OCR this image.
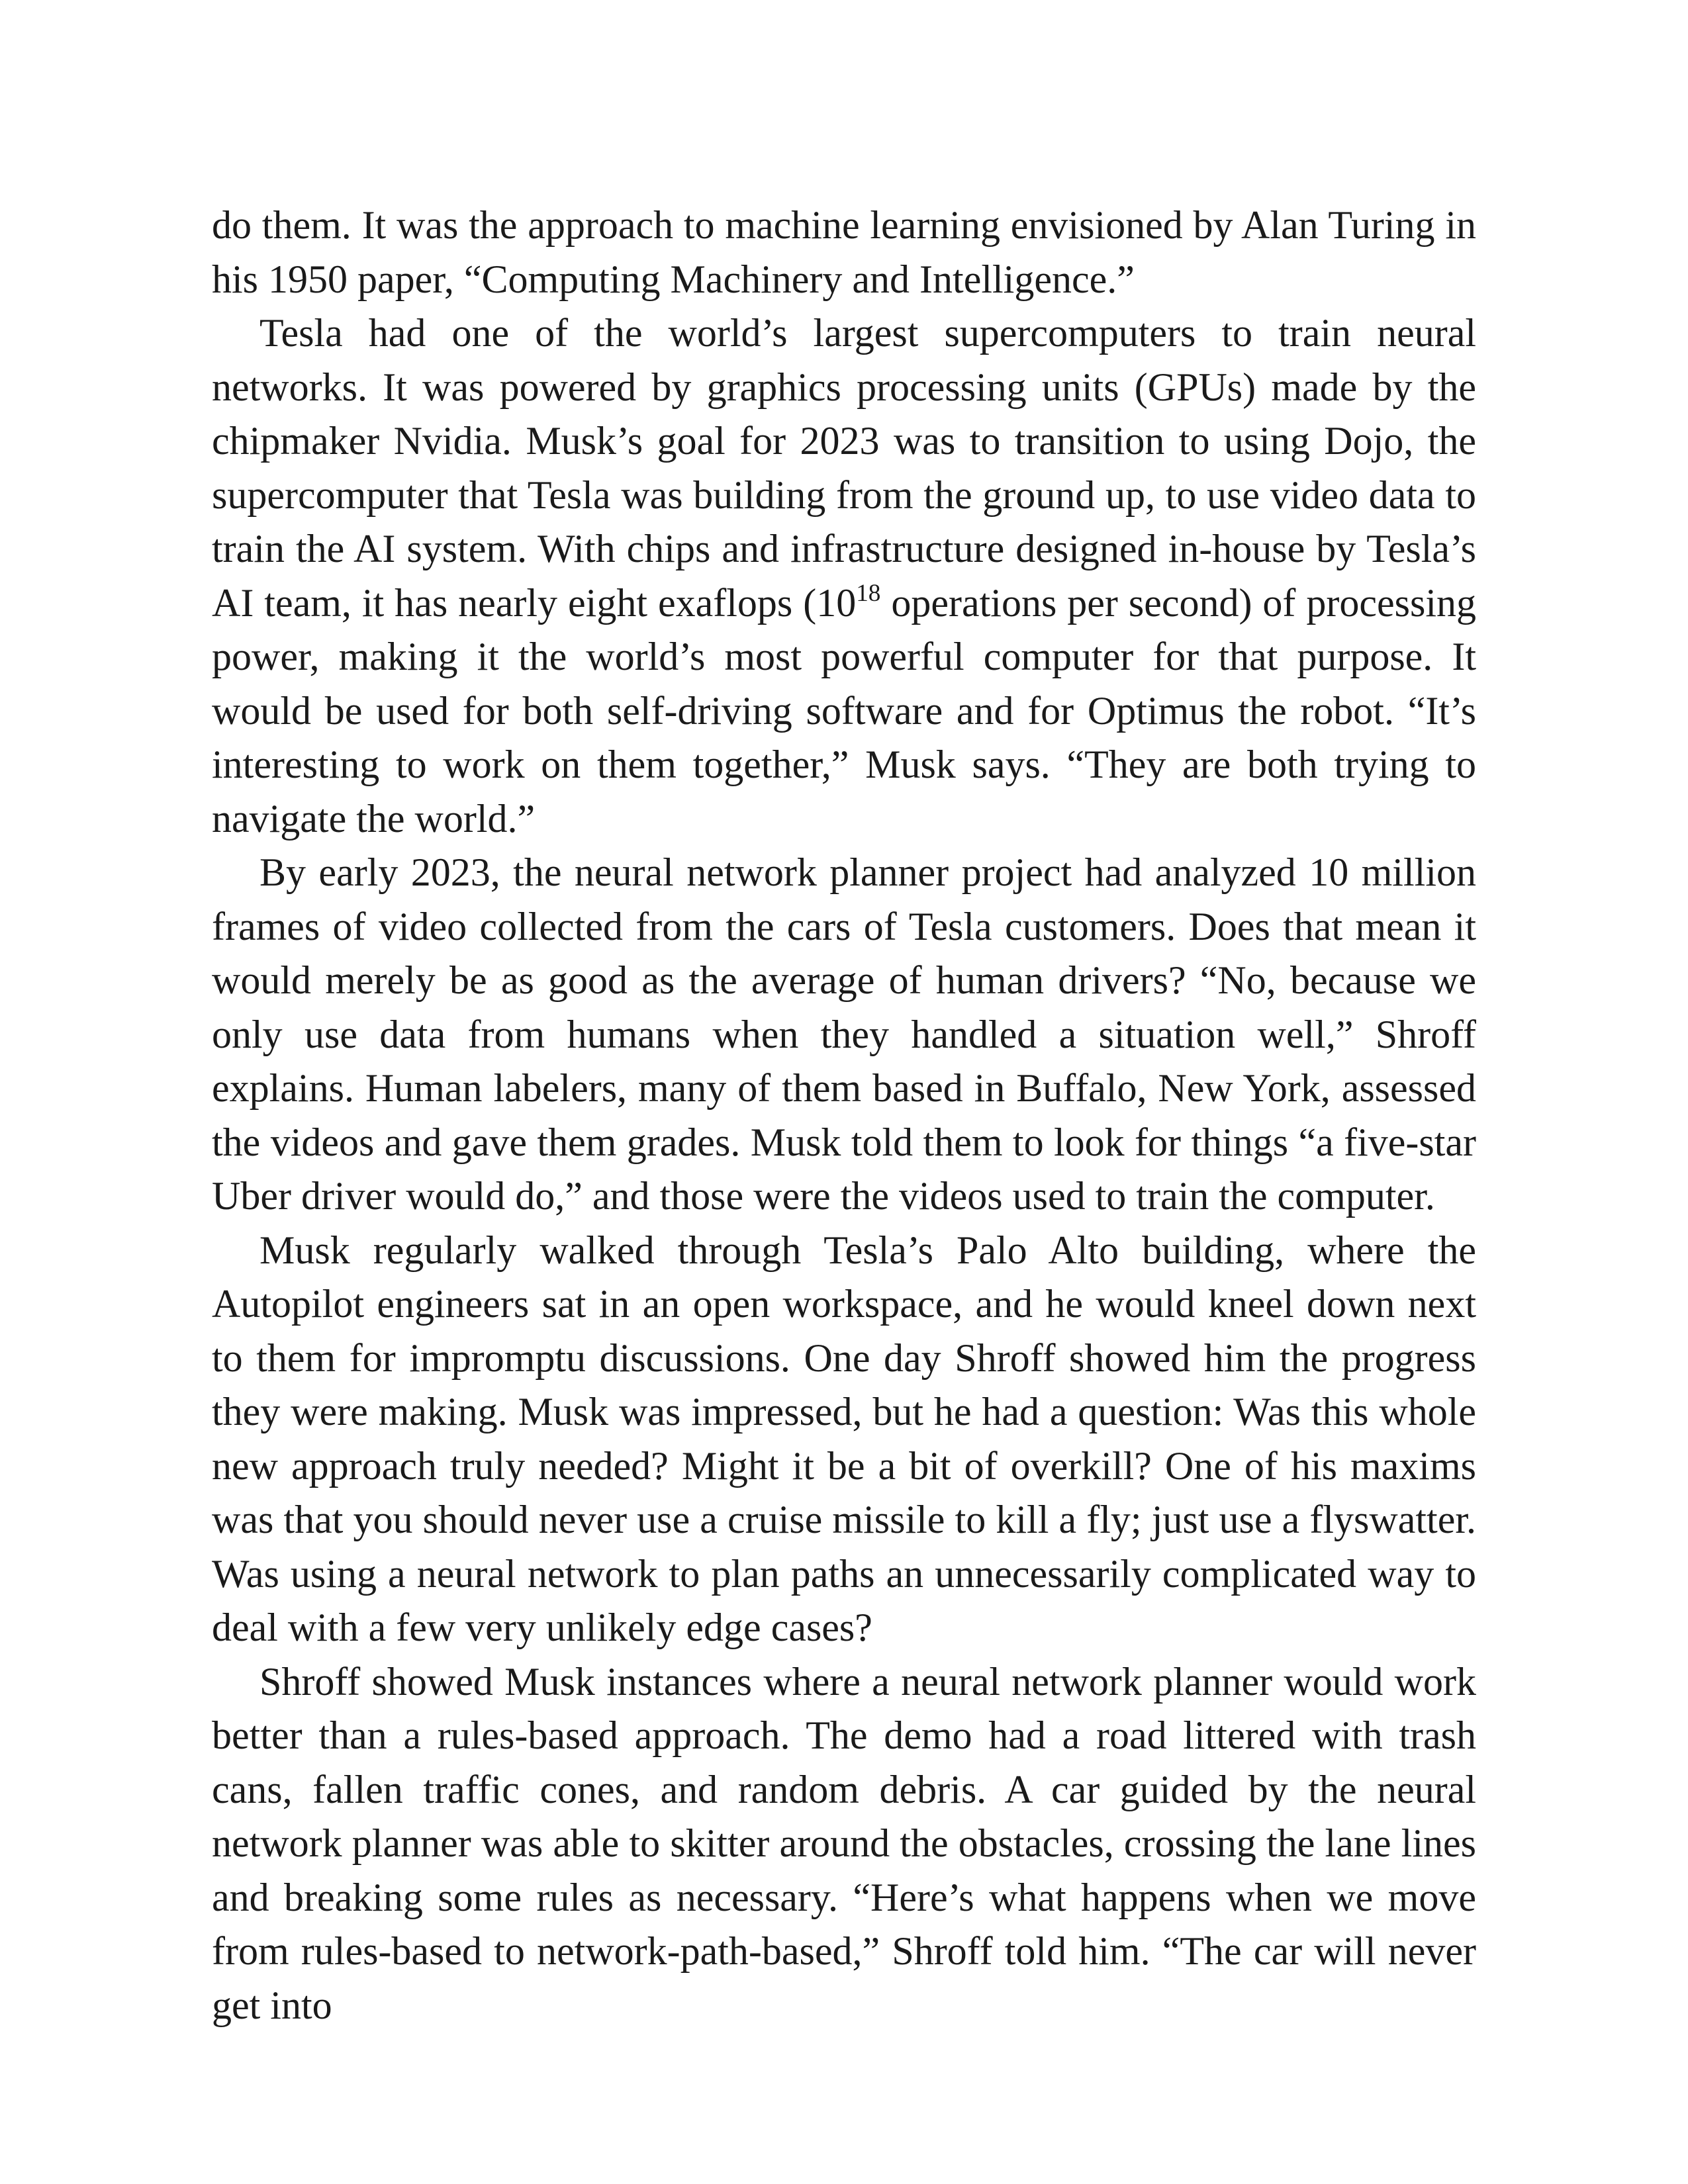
do them. It was the approach to machine learning envisioned by Alan Turing in his 1950 paper, “Computing Machinery and Intelligence.”

Tesla had one of the world’s largest supercomputers to train neural networks. It was powered by graphics processing units (GPUs) made by the chipmaker Nvidia. Musk’s goal for 2023 was to transition to using Dojo, the supercomputer that Tesla was building from the ground up, to use video data to train the AI system. With chips and infrastructure designed in-house by Tesla’s AI team, it has nearly eight exaflops ($10^{18}$ operations per second) of processing power, making it the world’s most powerful computer for that purpose. It would be used for both self-driving software and for Optimus the robot. “It’s interesting to work on them together,” Musk says. “They are both trying to navigate the world.”

By early 2023, the neural network planner project had analyzed 10 million frames of video collected from the cars of Tesla customers. Does that mean it would merely be as good as the average of human drivers? “No, because we only use data from humans when they handled a situation well,” Shroff explains. Human labelers, many of them based in Buffalo, New York, assessed the videos and gave them grades. Musk told them to look for things “a five-star Uber driver would do,” and those were the videos used to train the computer.

Musk regularly walked through Tesla’s Palo Alto building, where the Autopilot engineers sat in an open workspace, and he would kneel down next to them for impromptu discussions. One day Shroff showed him the progress they were making. Musk was impressed, but he had a question: Was this whole new approach truly needed? Might it be a bit of overkill? One of his maxims was that you should never use a cruise missile to kill a fly; just use a flyswatter. Was using a neural network to plan paths an unnecessarily complicated way to deal with a few very unlikely edge cases?

Shroff showed Musk instances where a neural network planner would work better than a rules-based approach. The demo had a road littered with trash cans, fallen traffic cones, and random debris. A car guided by the neural network planner was able to skitter around the obstacles, crossing the lane lines and breaking some rules as necessary. “Here’s what happens when we move from rules-based to network-path-based,” Shroff told him. “The car will never get into
